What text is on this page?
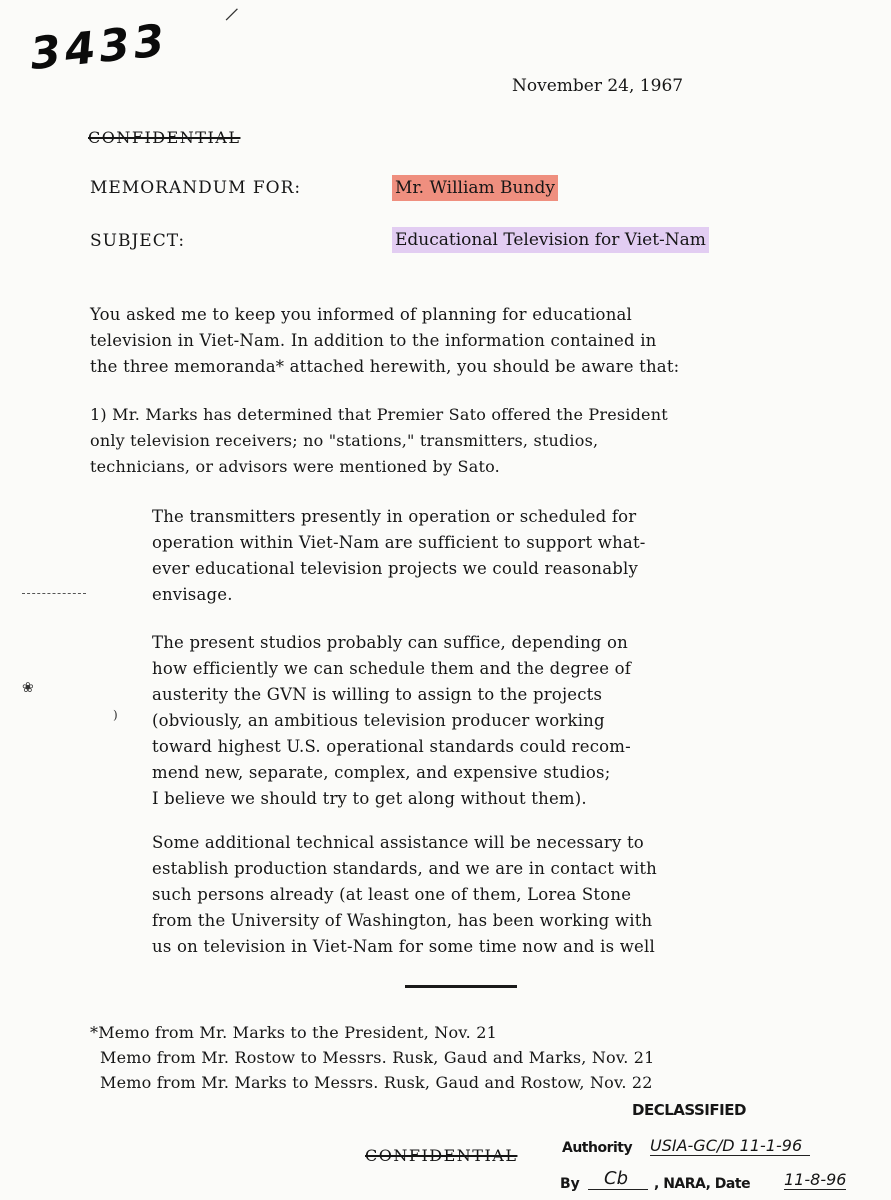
3433
November 24, 1967
CONFIDENTIAL
MEMORANDUM FOR:	Mr. William Bundy
SUBJECT:	Educational Television for Viet-Nam
You asked me to keep you informed of planning for educational
television in Viet-Nam. In addition to the information contained in
the three memoranda* attached herewith, you should be aware that:
1) Mr. Marks has determined that Premier Sato offered the President
only television receivers; no "stations," transmitters, studios,
technicians, or advisors were mentioned by Sato.
The transmitters presently in operation or scheduled for
operation within Viet-Nam are sufficient to support what-
ever educational television projects we could reasonably
envisage.
The present studios probably can suffice, depending on
how efficiently we can schedule them and the degree of
austerity the GVN is willing to assign to the projects
(obviously, an ambitious television producer working
toward highest U.S. operational standards could recom-
mend new, separate, complex, and expensive studios;
I believe we should try to get along without them).
Some additional technical assistance will be necessary to
establish production standards, and we are in contact with
such persons already (at least one of them, Lorea Stone
from the University of Washington, has been working with
us on television in Viet-Nam for some time now and is well
*Memo from Mr. Marks to the President, Nov. 21
Memo from Mr. Rostow to Messrs. Rusk, Gaud and Marks, Nov. 21
Memo from Mr. Marks to Messrs. Rusk, Gaud and Rostow, Nov. 22
DECLASSIFIED
CONFIDENTIAL	Authority USIA-GC/D 11-1-96
By	Cb	, NARA, Date 11-8-96
❀
)
|
